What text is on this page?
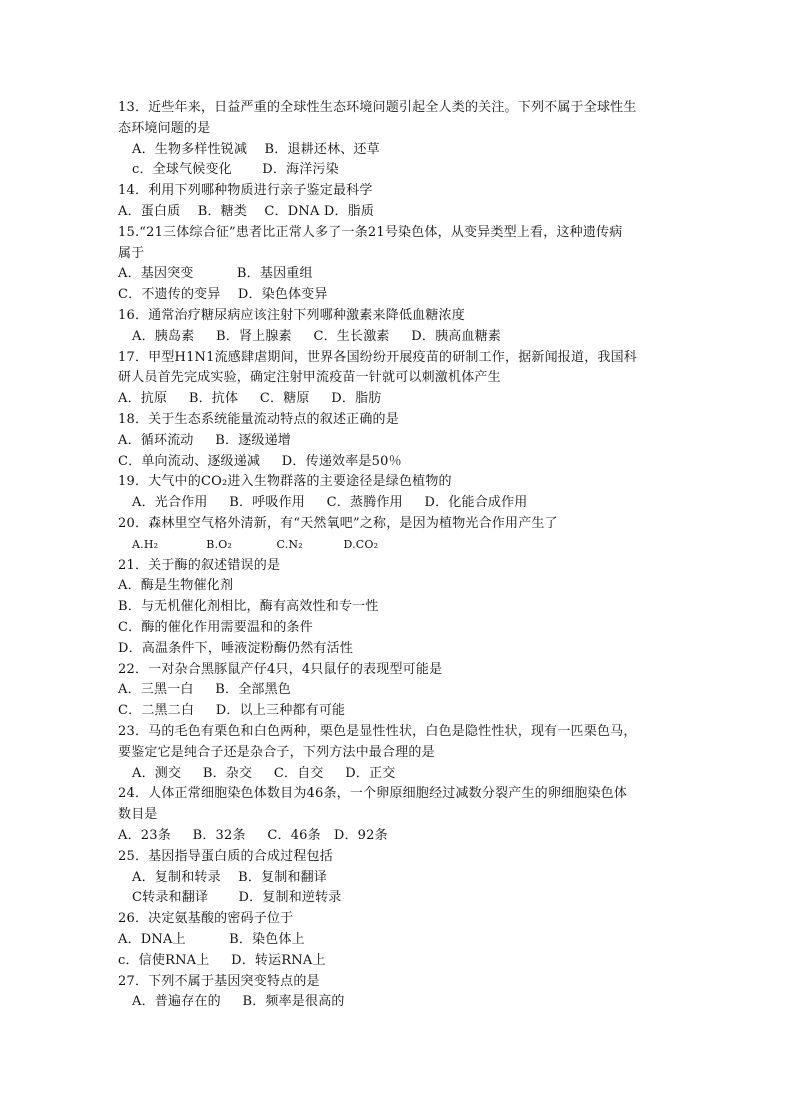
13．近些年来，日益严重的全球性生态环境问题引起全人类的关注。下列不属于全球性生
态环境问题的是
A．生物多样性锐减    B．退耕还林、还草
c．全球气候变化       D．海洋污染
14．利用下列哪种物质进行亲子鉴定最科学
A．蛋白质    B．糖类    C．DNA D．脂质
15.“21三体综合征”患者比正常人多了一条21号染色体，从变异类型上看，这种遗传病
属于
A．基因突变          B．基因重组
C．不遗传的变异    D．染色体变异
16．通常治疗糖尿病应该注射下列哪种激素来降低血糖浓度
A．胰岛素     B．肾上腺素     C．生长激素     D．胰高血糖素
17．甲型H1N1流感肆虐期间，世界各国纷纷开展疫苗的研制工作，据新闻报道，我国科
研人员首先完成实验，确定注射甲流疫苗一针就可以刺激机体产生
A．抗原     B．抗体     C．糖原     D．脂肪
18．关于生态系统能量流动特点的叙述正确的是
A．循环流动     B．逐级递增
C．单向流动、逐级递减     D．传递效率是50％
19．大气中的CO₂进入生物群落的主要途径是绿色植物的
A．光合作用     B．呼吸作用     C．蒸腾作用     D．化能合成作用
20．森林里空气格外清新，有“天然氧吧”之称，是因为植物光合作用产生了
A.H₂             B.O₂            C.N₂           D.CO₂
21．关于酶的叙述错误的是
A．酶是生物催化剂
B．与无机催化剂相比，酶有高效性和专一性
C．酶的催化作用需要温和的条件
D．高温条件下，唾液淀粉酶仍然有活性
22．一对杂合黑豚鼠产仔4只，4只鼠仔的表现型可能是
A．三黑一白     B．全部黑色
C．二黑二白     D．以上三种都有可能
23．马的毛色有栗色和白色两种，栗色是显性性状，白色是隐性性状，现有一匹栗色马，
要鉴定它是纯合子还是杂合子，下列方法中最合理的是
A．测交     B．杂交     C．自交     D．正交
24．人体正常细胞染色体数目为46条，一个卵原细胞经过减数分裂产生的卵细胞染色体
数目是
A．23条     B．32条     C．46条   D．92条
25．基因指导蛋白质的合成过程包括
A．复制和转录    B．复制和翻译
C转录和翻译       D．复制和逆转录
26．决定氨基酸的密码子位于
A．DNA上          B．染色体上
c．信使RNA上     D．转运RNA上
27．下列不属于基因突变特点的是
A．普遍存在的     B．频率是很高的
